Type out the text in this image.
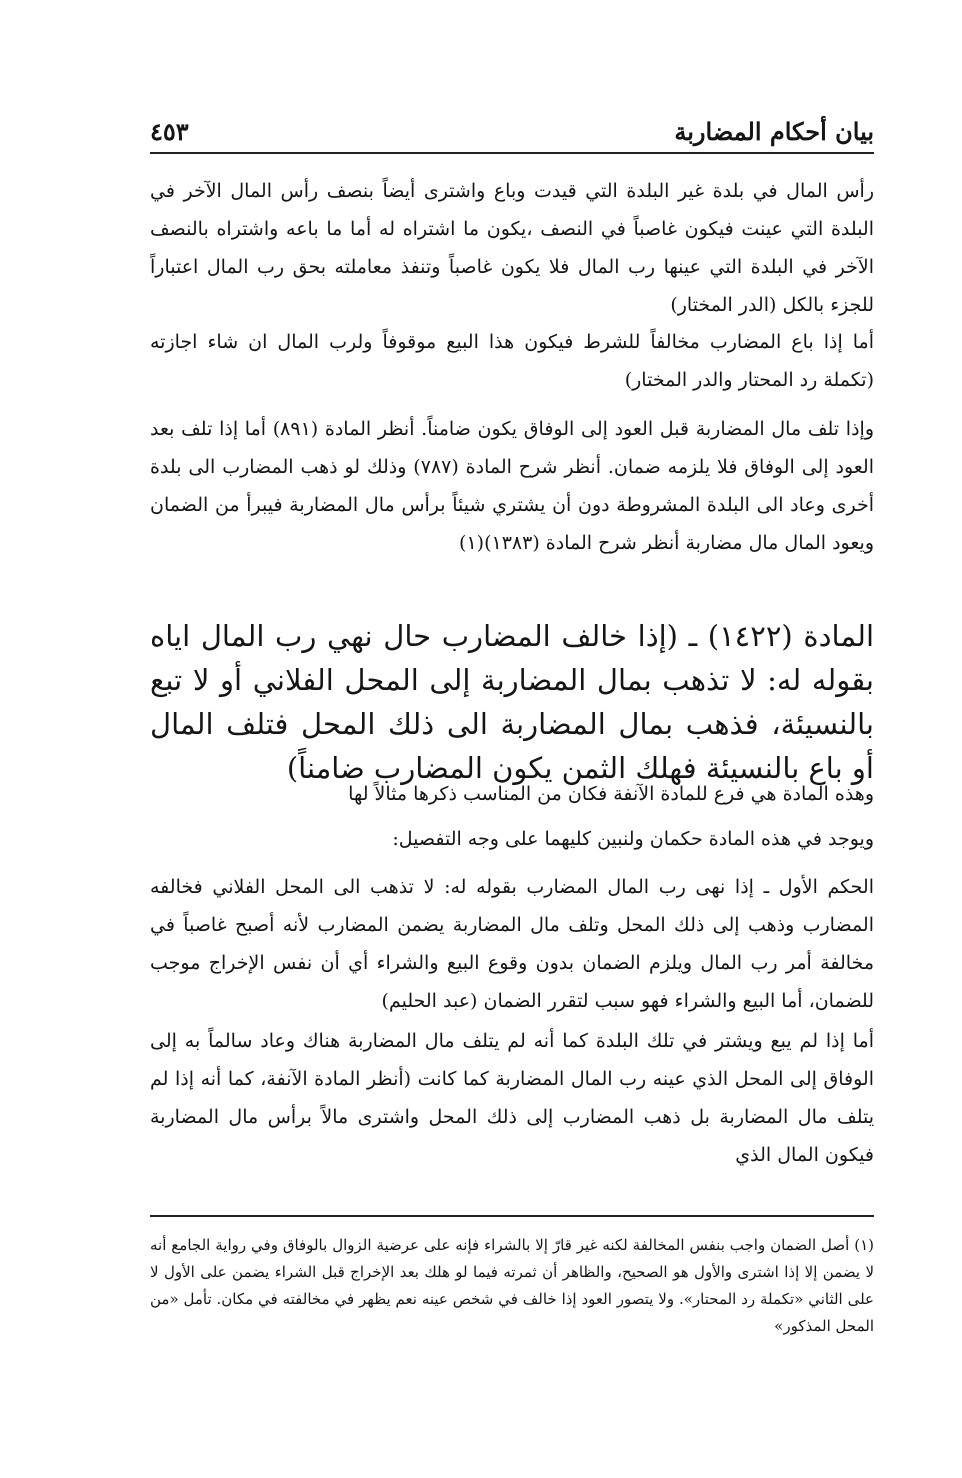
بيان أحكام المضاربة
٤٥٣

رأس المال في بلدة غير البلدة التي قيدت وباع واشترى أيضاً بنصف رأس المال الآخر في البلدة التي عينت فيكون غاصباً في النصف ،يكون ما اشتراه له أما ما باعه واشتراه بالنصف الآخر في البلدة التي عينها رب المال فلا يكون غاصباً وتنفذ معاملته بحق رب المال اعتباراً للجزء بالكل (الدر المختار)

أما إذا باع المضارب مخالفاً للشرط فيكون هذا البيع موقوفاً ولرب المال ان شاء اجازته (تكملة رد المحتار والدر المختار)

وإذا تلف مال المضاربة قبل العود إلى الوفاق يكون ضامناً. أنظر المادة (٨٩١) أما إذا تلف بعد العود إلى الوفاق فلا يلزمه ضمان. أنظر شرح المادة (٧٨٧) وذلك لو ذهب المضارب الى بلدة أخرى وعاد الى البلدة المشروطة دون أن يشتري شيئاً برأس مال المضاربة فيبرأ من الضمان ويعود المال مال مضاربة أنظر شرح المادة (١٣٨٣)(١)

المادة (١٤٢٢) ـ (إذا خالف المضارب حال نهي رب المال اياه بقوله له: لا تذهب بمال المضاربة إلى المحل الفلاني أو لا تبع بالنسيئة، فذهب بمال المضاربة الى ذلك المحل فتلف المال أو باع بالنسيئة فهلك الثمن يكون المضارب ضامناً)

وهذه المادة هي فرع للمادة الآنفة فكان من المناسب ذكرها مثالاً لها

ويوجد في هذه المادة حكمان ولنبين كليهما على وجه التفصيل:

الحكم الأول ـ إذا نهى رب المال المضارب بقوله له: لا تذهب الى المحل الفلاني فخالفه المضارب وذهب إلى ذلك المحل وتلف مال المضاربة يضمن المضارب لأنه أصبح غاصباً في مخالفة أمر رب المال ويلزم الضمان بدون وقوع البيع والشراء أي أن نفس الإخراج موجب للضمان، أما البيع والشراء فهو سبب لتقرر الضمان (عبد الحليم)

أما إذا لم يبع ويشتر في تلك البلدة كما أنه لم يتلف مال المضاربة هناك وعاد سالماً به إلى الوفاق إلى المحل الذي عينه رب المال المضاربة كما كانت (أنظر المادة الآنفة، كما أنه إذا لم يتلف مال المضاربة بل ذهب المضارب إلى ذلك المحل واشترى مالاً برأس مال المضاربة فيكون المال الذي

(١) أصل الضمان واجب بنفس المخالفة لكنه غير قارّ إلا بالشراء فإنه على عرضية الزوال بالوفاق وفي رواية الجامع أنه لا يضمن إلا إذا اشترى والأول هو الصحيح، والظاهر أن ثمرته فيما لو هلك بعد الإخراج قبل الشراء يضمن على الأول لا على الثاني «تكملة رد المحتار». ولا يتصور العود إذا خالف في شخص عينه نعم يظهر في مخالفته في مكان. تأمل «من المحل المذكور»
